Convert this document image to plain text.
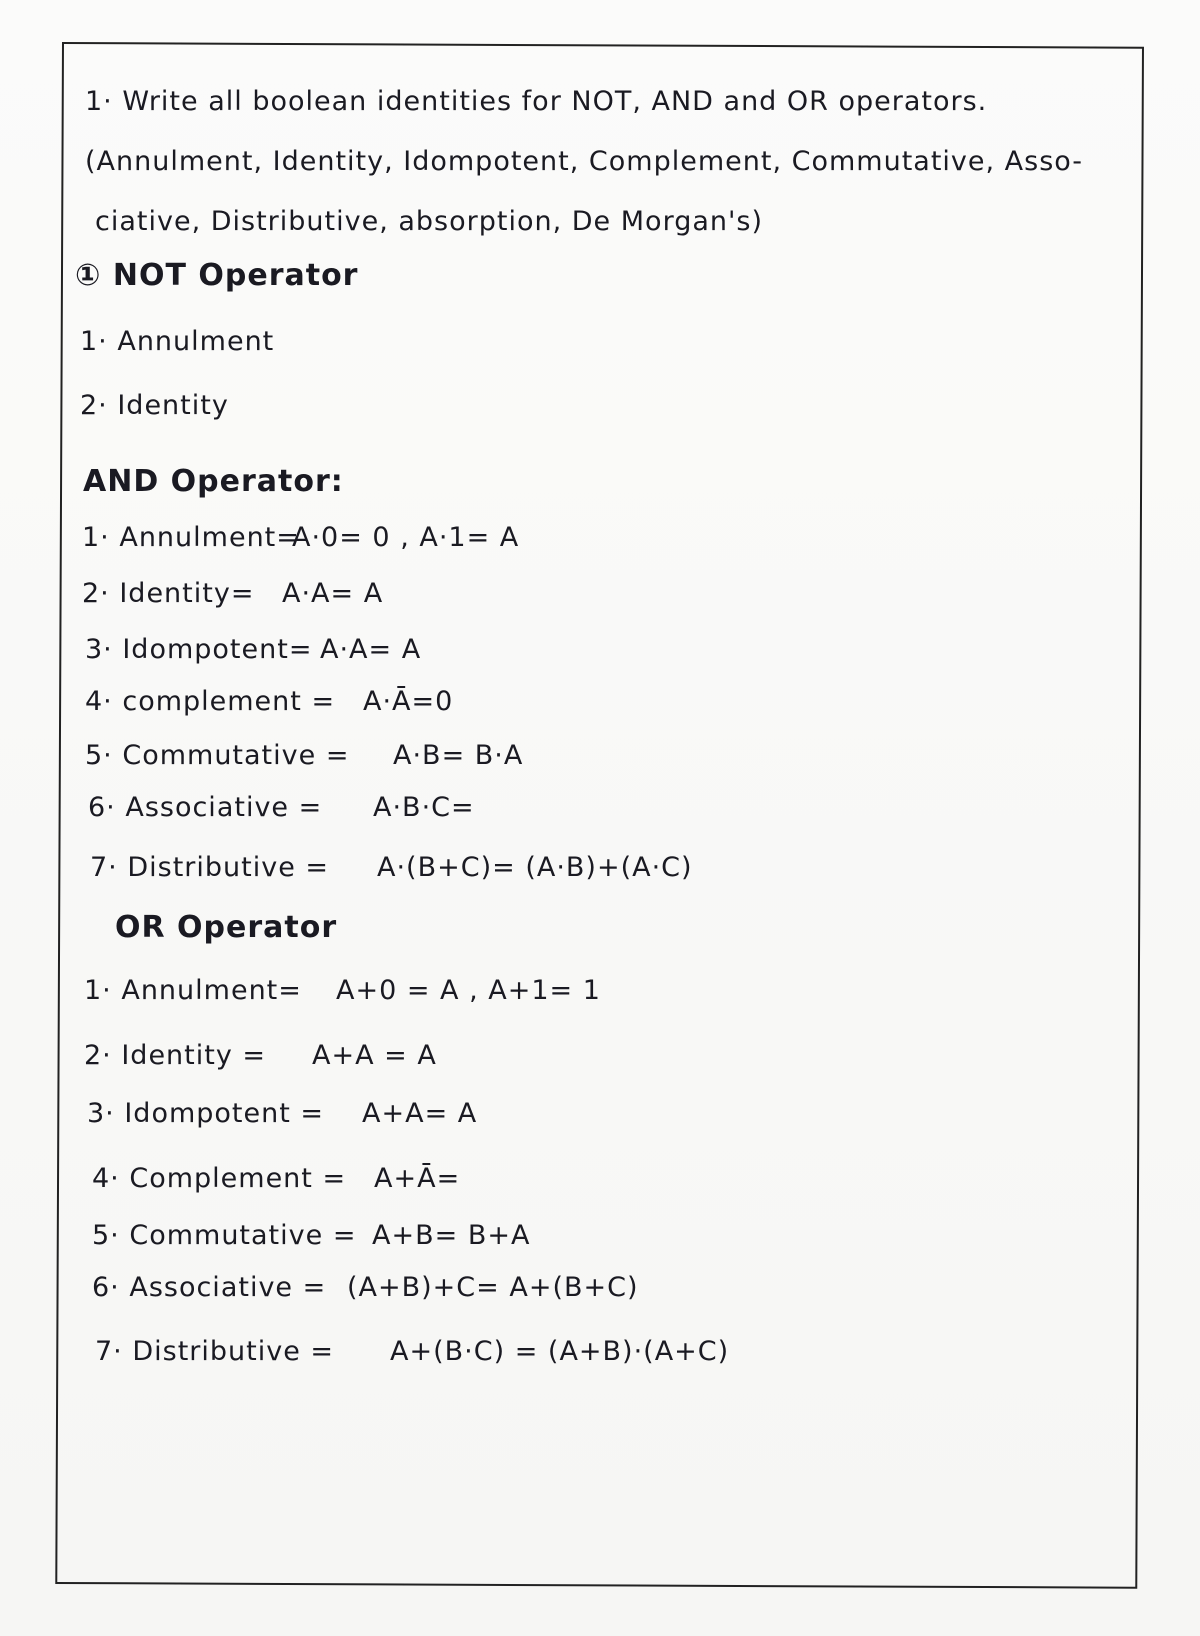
1· Write all boolean identities for NOT, AND and OR operators.
(Annulment, Identity, Idompotent, Complement, Commutative, Asso-
ciative, Distributive, absorption, De Morgan's)
① NOT Operator
1· Annulment
2· Identity
AND Operator:
1· Annulment=
A·0= 0 , A·1= A
2· Identity= A·A= A
3· Idompotent= A·A= A
4· complement = A·Ā=0
5· Commutative = A·B= B·A
6· Associative = A·B·C=
7· Distributive = A·(B+C)= (A·B)+(A·C)
OR Operator
1· Annulment= A+0 = A , A+1= 1
2· Identity = A+A = A
3· Idompotent = A+A= A
4· Complement = A+Ā=
5· Commutative = A+B= B+A
6· Associative = (A+B)+C= A+(B+C)
7· Distributive = A+(B·C) = (A+B)·(A+C)
